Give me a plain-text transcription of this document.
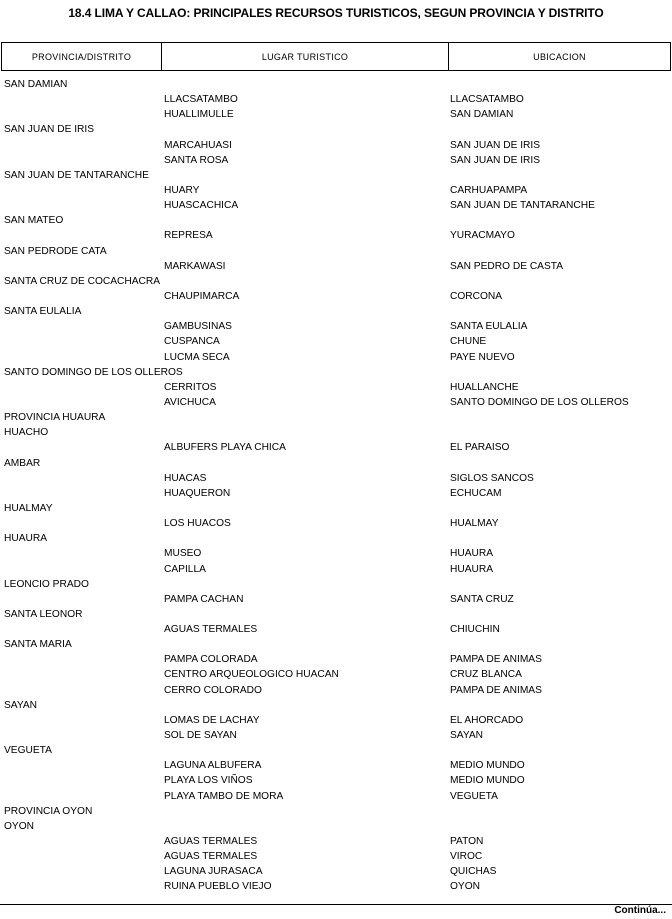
18.4 LIMA Y CALLAO: PRINCIPALES RECURSOS TURISTICOS, SEGUN PROVINCIA Y DISTRITO
PROVINCIA/DISTRITO	LUGAR TURISTICO	UBICACION
SAN DAMIAN
LLACSATAMBO	LLACSATAMBO
HUALLIMULLE	SAN DAMIAN
SAN JUAN DE IRIS
MARCAHUASI	SAN JUAN DE IRIS
SANTA ROSA	SAN JUAN DE IRIS
SAN JUAN DE TANTARANCHE
HUARY	CARHUAPAMPA
HUASCACHICA	SAN JUAN DE TANTARANCHE
SAN MATEO
REPRESA	YURACMAYO
SAN PEDRODE CATA
MARKAWASI	SAN PEDRO DE CASTA
SANTA CRUZ DE COCACHACRA
CHAUPIMARCA	CORCONA
SANTA EULALIA
GAMBUSINAS	SANTA EULALIA
CUSPANCA	CHUNE
LUCMA SECA	PAYE NUEVO
SANTO DOMINGO DE LOS OLLEROS
CERRITOS	HUALLANCHE
AVICHUCA	SANTO DOMINGO DE LOS OLLEROS
PROVINCIA HUAURA
HUACHO
ALBUFERS PLAYA CHICA	EL PARAISO
AMBAR
HUACAS	SIGLOS SANCOS
HUAQUERON	ECHUCAM
HUALMAY
LOS HUACOS	HUALMAY
HUAURA
MUSEO	HUAURA
CAPILLA	HUAURA
LEONCIO PRADO
PAMPA CACHAN	SANTA CRUZ
SANTA LEONOR
AGUAS TERMALES	CHIUCHIN
SANTA MARIA
PAMPA COLORADA	PAMPA DE ANIMAS
CENTRO ARQUEOLOGICO HUACAN	CRUZ BLANCA
CERRO COLORADO	PAMPA DE ANIMAS
SAYAN
LOMAS DE LACHAY	EL AHORCADO
SOL DE SAYAN	SAYAN
VEGUETA
LAGUNA ALBUFERA	MEDIO MUNDO
PLAYA LOS VIÑOS	MEDIO MUNDO
PLAYA TAMBO DE MORA	VEGUETA
PROVINCIA OYON
OYON
AGUAS TERMALES	PATON
AGUAS TERMALES	VIROC
LAGUNA JURASACA	QUICHAS
RUINA PUEBLO VIEJO	OYON
Continúa...
